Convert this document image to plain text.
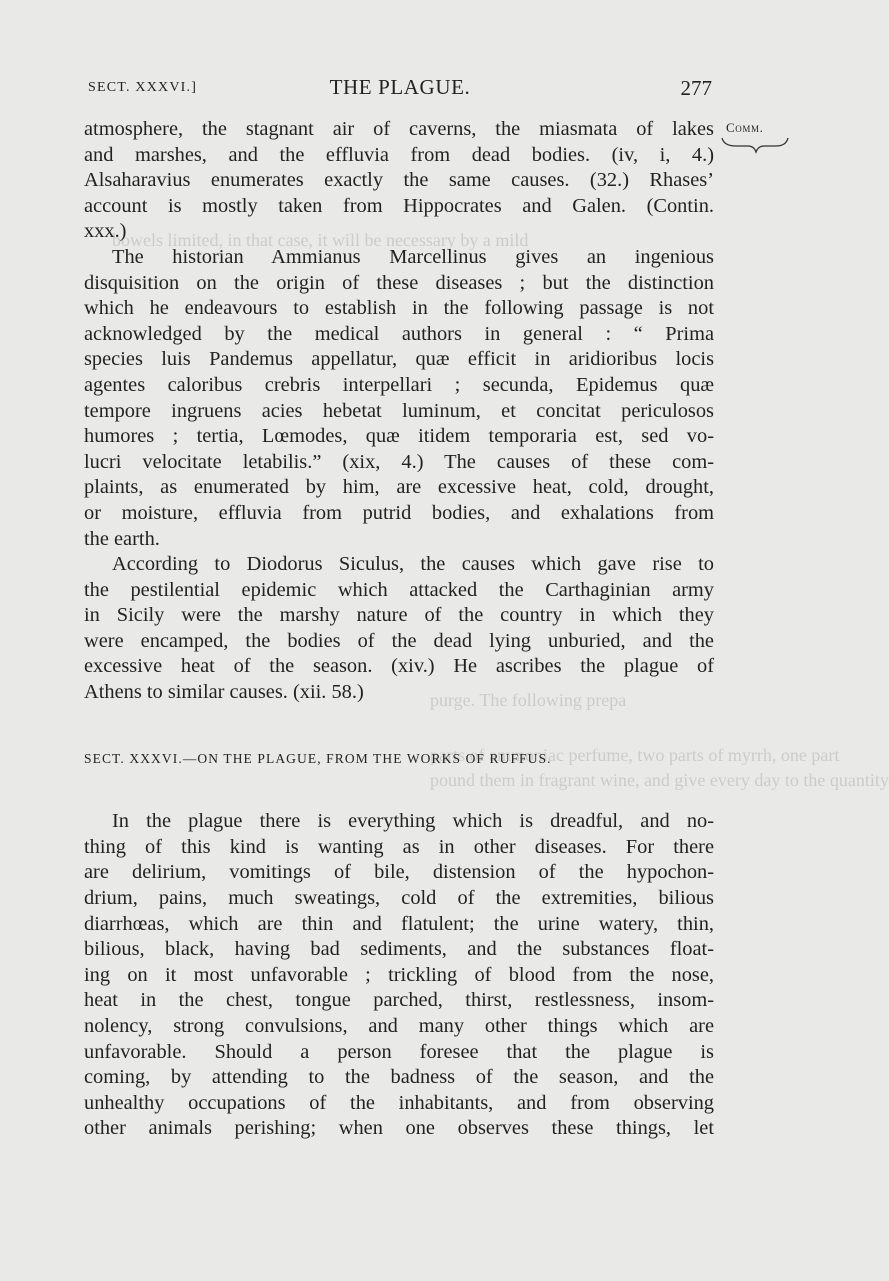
bowels limited, in that case, it will be necessary by a mild
purge. The following prepa
parts of ammoniac perfume, two parts of myrrh, one part
pound them in fragrant wine, and give every day to the quantity
SECT. XXXVI.]	THE PLAGUE.	277
Comm.
atmosphere, the stagnant air of caverns, the miasmata of lakes
and marshes, and the effluvia from dead bodies. (iv, i, 4.)
Alsaharavius enumerates exactly the same causes. (32.) Rhases’
account is mostly taken from Hippocrates and Galen. (Contin.
xxx.)
The historian Ammianus Marcellinus gives an ingenious
disquisition on the origin of these diseases ; but the distinction
which he endeavours to establish in the following passage is not
acknowledged by the medical authors in general : “ Prima
species luis Pandemus appellatur, quæ efficit in aridioribus locis
agentes caloribus crebris interpellari ; secunda, Epidemus quæ
tempore ingruens acies hebetat luminum, et concitat periculosos
humores ; tertia, Lœmodes, quæ itidem temporaria est, sed vo-
lucri velocitate letabilis.” (xix, 4.) The causes of these com-
plaints, as enumerated by him, are excessive heat, cold, drought,
or moisture, effluvia from putrid bodies, and exhalations from
the earth.
According to Diodorus Siculus, the causes which gave rise to
the pestilential epidemic which attacked the Carthaginian army
in Sicily were the marshy nature of the country in which they
were encamped, the bodies of the dead lying unburied, and the
excessive heat of the season. (xiv.) He ascribes the plague of
Athens to similar causes. (xii. 58.)
SECT. XXXVI.—ON THE PLAGUE, FROM THE WORKS OF RUFFUS.
In the plague there is everything which is dreadful, and no-
thing of this kind is wanting as in other diseases. For there
are delirium, vomitings of bile, distension of the hypochon-
drium, pains, much sweatings, cold of the extremities, bilious
diarrhœas, which are thin and flatulent; the urine watery, thin,
bilious, black, having bad sediments, and the substances float-
ing on it most unfavorable ; trickling of blood from the nose,
heat in the chest, tongue parched, thirst, restlessness, insom-
nolency, strong convulsions, and many other things which are
unfavorable. Should a person foresee that the plague is
coming, by attending to the badness of the season, and the
unhealthy occupations of the inhabitants, and from observing
other animals perishing; when one observes these things, let
